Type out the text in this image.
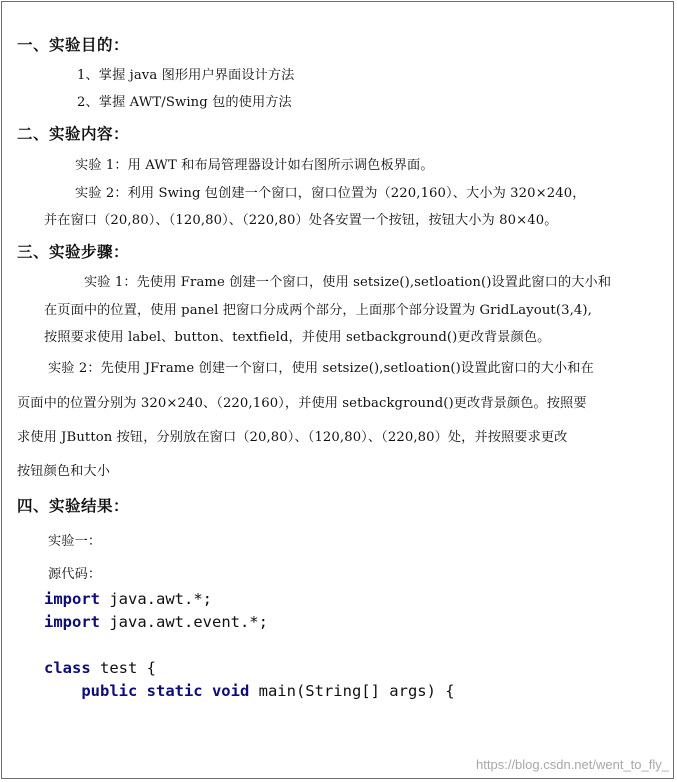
一、实验目的：
1、掌握 java 图形用户界面设计方法
2、掌握 AWT/Swing 包的使用方法
二、实验内容：
实验 1：用 AWT 和布局管理器设计如右图所示调色板界面。
实验 2：利用 Swing 包创建一个窗口，窗口位置为（220,160）、大小为 320×240，
并在窗口（20,80）、（120,80）、（220,80）处各安置一个按钮，按钮大小为 80×40。
三、实验步骤：
实验 1：先使用 Frame 创建一个窗口，使用 setsize(),setloation()设置此窗口的大小和
在页面中的位置，使用 panel 把窗口分成两个部分，上面那个部分设置为 GridLayout(3,4),
按照要求使用 label、button、textfield，并使用 setbackground()更改背景颜色。
实验 2：先使用 JFrame 创建一个窗口，使用 setsize(),setloation()设置此窗口的大小和在
页面中的位置分别为 320×240、（220,160），并使用 setbackground()更改背景颜色。按照要
求使用 JButton 按钮，分别放在窗口（20,80）、（120,80）、（220,80）处，并按照要求更改
按钮颜色和大小
四、实验结果：
实验一：
源代码：
import java.awt.*;
import java.awt.event.*;
class test {
public static void main(String[] args) {
https://blog.csdn.net/went_to_fly_
